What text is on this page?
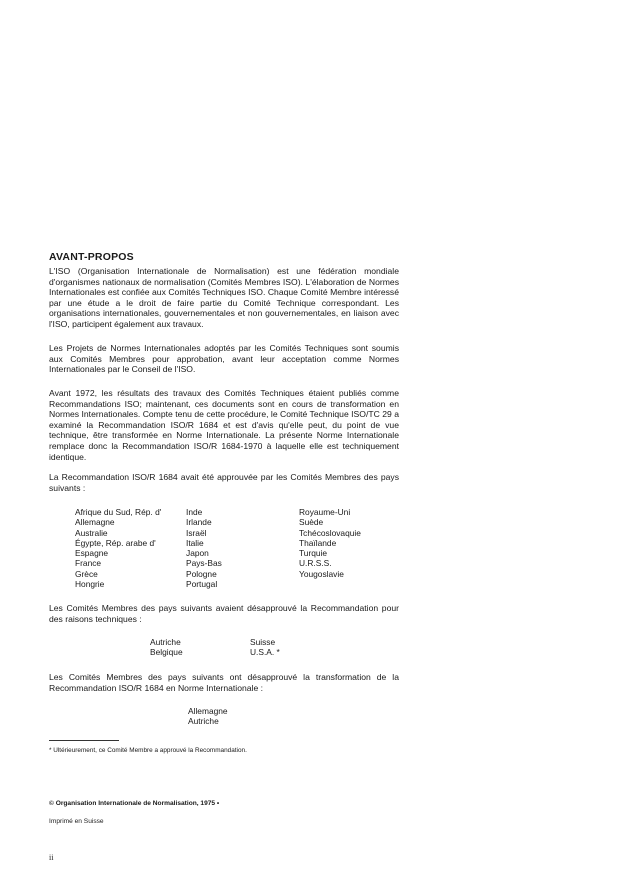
AVANT-PROPOS

L'ISO (Organisation Internationale de Normalisation) est une fédération mondiale d'organismes nationaux de normalisation (Comités Membres ISO). L'élaboration de Normes Internationales est confiée aux Comités Techniques ISO. Chaque Comité Membre intéressé par une étude a le droit de faire partie du Comité Technique correspondant. Les organisations internationales, gouvernementales et non gouvernementales, en liaison avec l'ISO, participent également aux travaux.

Les Projets de Normes Internationales adoptés par les Comités Techniques sont soumis aux Comités Membres pour approbation, avant leur acceptation comme Normes Internationales par le Conseil de l'ISO.

Avant 1972, les résultats des travaux des Comités Techniques étaient publiés comme Recommandations ISO; maintenant, ces documents sont en cours de transformation en Normes Internationales. Compte tenu de cette procédure, le Comité Technique ISO/TC 29 a examiné la Recommandation ISO/R 1684 et est d'avis qu'elle peut, du point de vue technique, être transformée en Norme Internationale. La présente Norme Internationale remplace donc la Recommandation ISO/R 1684-1970 à laquelle elle est techniquement identique.

La Recommandation ISO/R 1684 avait été approuvée par les Comités Membres des pays suivants :

Afrique du Sud, Rép. d'
Allemagne
Australie
Égypte, Rép. arabe d'
Espagne
France
Grèce
Hongrie
Inde
Irlande
Israël
Italie
Japon
Pays-Bas
Pologne
Portugal
Royaume-Uni
Suède
Tchécoslovaquie
Thaïlande
Turquie
U.R.S.S.
Yougoslavie

Les Comités Membres des pays suivants avaient désapprouvé la Recommandation pour des raisons techniques :

Autriche
Belgique
Suisse
U.S.A. *

Les Comités Membres des pays suivants ont désapprouvé la transformation de la Recommandation ISO/R 1684 en Norme Internationale :

Allemagne
Autriche
* Ultérieurement, ce Comité Membre a approuvé la Recommandation.
© Organisation Internationale de Normalisation, 1975 •
Imprimé en Suisse
ii
